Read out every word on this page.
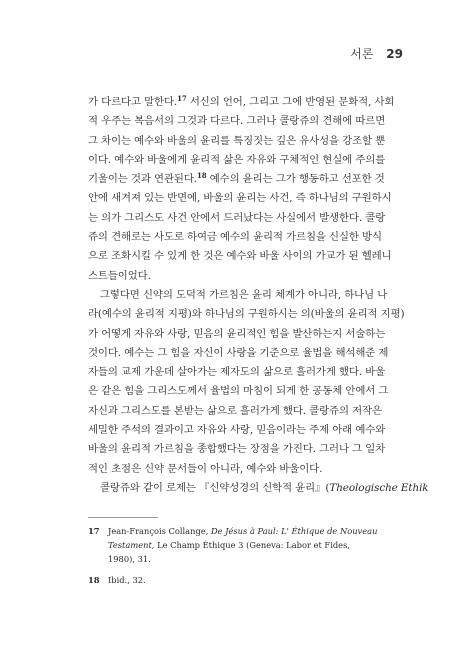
서론 29
가 다르다고 말한다.$^{17}$ 서신의 언어, 그리고 그에 반영된 문화적, 사회
적 우주는 복음서의 그것과 다르다. 그러나 콜랑쥬의 견해에 따르면
그 차이는 예수와 바울의 윤리를 특징짓는 깊은 유사성을 강조할 뿐
이다. 예수와 바울에게 윤리적 삶은 자유와 구체적인 현실에 주의를
기울이는 것과 연관된다.$^{18}$ 예수의 윤리는 그가 행동하고 선포한 것
안에 새겨져 있는 반면에, 바울의 윤리는 사건, 즉 하나님의 구원하시
는 의가 그리스도 사건 안에서 드러났다는 사실에서 발생한다. 콜랑
쥬의 견해로는 사도로 하여금 예수의 윤리적 가르침을 신실한 방식
으로 조화시킬 수 있게 한 것은 예수와 바울 사이의 가교가 된 헬레니
스트들이었다.
그렇다면 신약의 도덕적 가르침은 윤리 체계가 아니라, 하나님 나
라(예수의 윤리적 지평)와 하나님의 구원하시는 의(바울의 윤리적 지평)
가 어떻게 자유와 사랑, 믿음의 윤리적인 힘을 발산하는지 서술하는
것이다. 예수는 그 힘을 자신이 사랑을 기준으로 율법을 해석해준 제
자들의 교제 가운데 살아가는 제자도의 삶으로 흘러가게 했다. 바울
은 같은 힘을 그리스도께서 율법의 마침이 되게 한 공동체 안에서 그
자신과 그리스도를 본받는 삶으로 흘러가게 했다. 콜랑쥬의 저작은
세밀한 주석의 결과이고 자유와 사랑, 믿음이라는 주제 아래 예수와
바울의 윤리적 가르침을 종합했다는 장점을 가진다. 그러나 그 일차
적인 초점은 신약 문서들이 아니라, 예수와 바울이다.
콜랑쥬와 같이 로제는 『신약성경의 신학적 윤리』(Theologische Ethik
17	Jean-François Collange, De Jésus à Paul: L' Éthique de Nouveau Testament, Le Champ Éthique 3 (Geneva: Labor et Fides, 1980), 31.
18	Ibid., 32.
